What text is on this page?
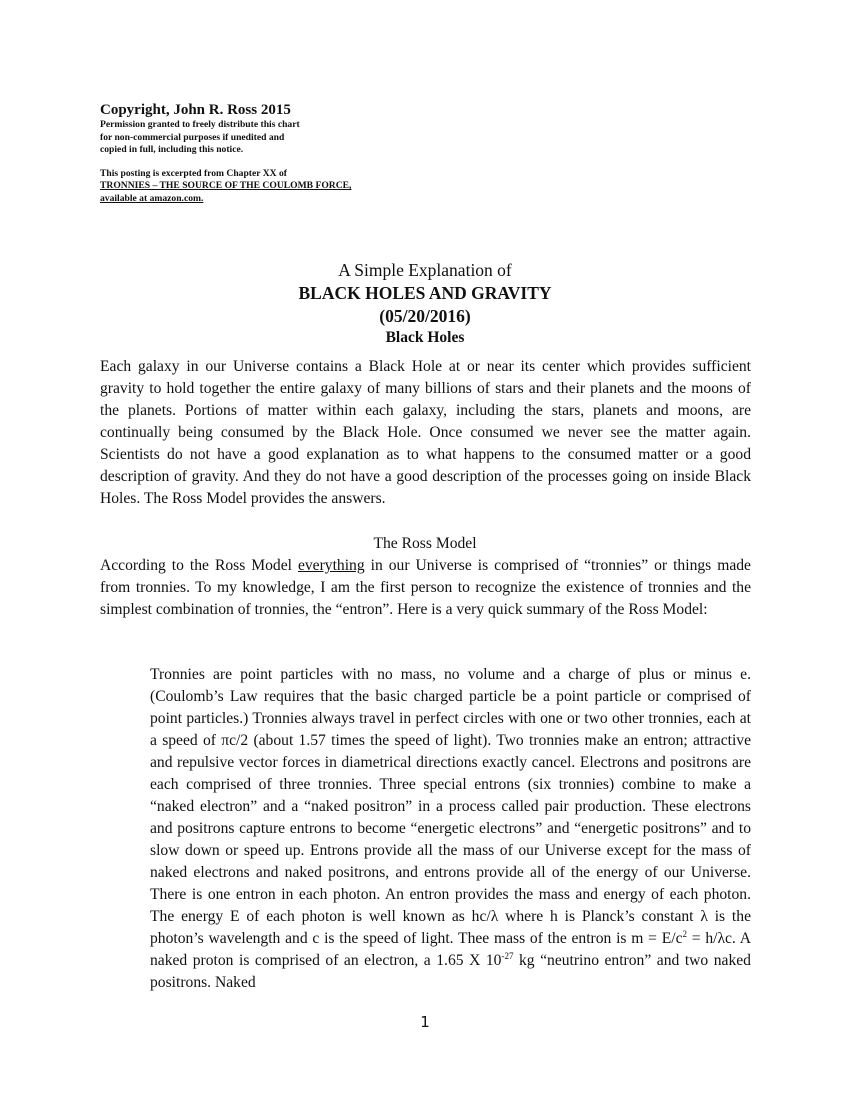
Copyright, John R. Ross 2015

Permission granted to freely distribute this chart

for non-commercial purposes if unedited and

copied in full, including this notice.

This posting is excerpted from Chapter XX of

TRONNIES – THE SOURCE OF THE COULOMB FORCE,

available at amazon.com.

A Simple Explanation of

BLACK HOLES AND GRAVITY

(05/20/2016)

Black Holes

Each galaxy in our Universe contains a Black Hole at or near its center which provides sufficient gravity to hold together the entire galaxy of many billions of stars and their planets and the moons of the planets. Portions of matter within each galaxy, including the stars, planets and moons, are continually being consumed by the Black Hole. Once consumed we never see the matter again. Scientists do not have a good explanation as to what happens to the consumed matter or a good description of gravity. And they do not have a good description of the processes going on inside Black Holes. The Ross Model provides the answers.

The Ross Model

According to the Ross Model everything in our Universe is comprised of “tronnies” or things made from tronnies. To my knowledge, I am the first person to recognize the existence of tronnies and the simplest combination of tronnies, the “entron”. Here is a very quick summary of the Ross Model:

Tronnies are point particles with no mass, no volume and a charge of plus or minus e. (Coulomb’s Law requires that the basic charged particle be a point particle or comprised of point particles.) Tronnies always travel in perfect circles with one or two other tronnies, each at a speed of πc/2 (about 1.57 times the speed of light). Two tronnies make an entron; attractive and repulsive vector forces in diametrical directions exactly cancel. Electrons and positrons are each comprised of three tronnies. Three special entrons (six tronnies) combine to make a “naked electron” and a “naked positron” in a process called pair production. These electrons and positrons capture entrons to become “energetic electrons” and “energetic positrons” and to slow down or speed up. Entrons provide all the mass of our Universe except for the mass of naked electrons and naked positrons, and entrons provide all of the energy of our Universe. There is one entron in each photon. An entron provides the mass and energy of each photon. The energy E of each photon is well known as hc/λ where h is Planck’s constant λ is the photon’s wavelength and c is the speed of light. Thee mass of the entron is $m = E/c^2 = h/\lambda c$. A naked proton is comprised of an electron, a 1.65 X $10^{-27}$ kg “neutrino entron” and two naked positrons. Naked

1
